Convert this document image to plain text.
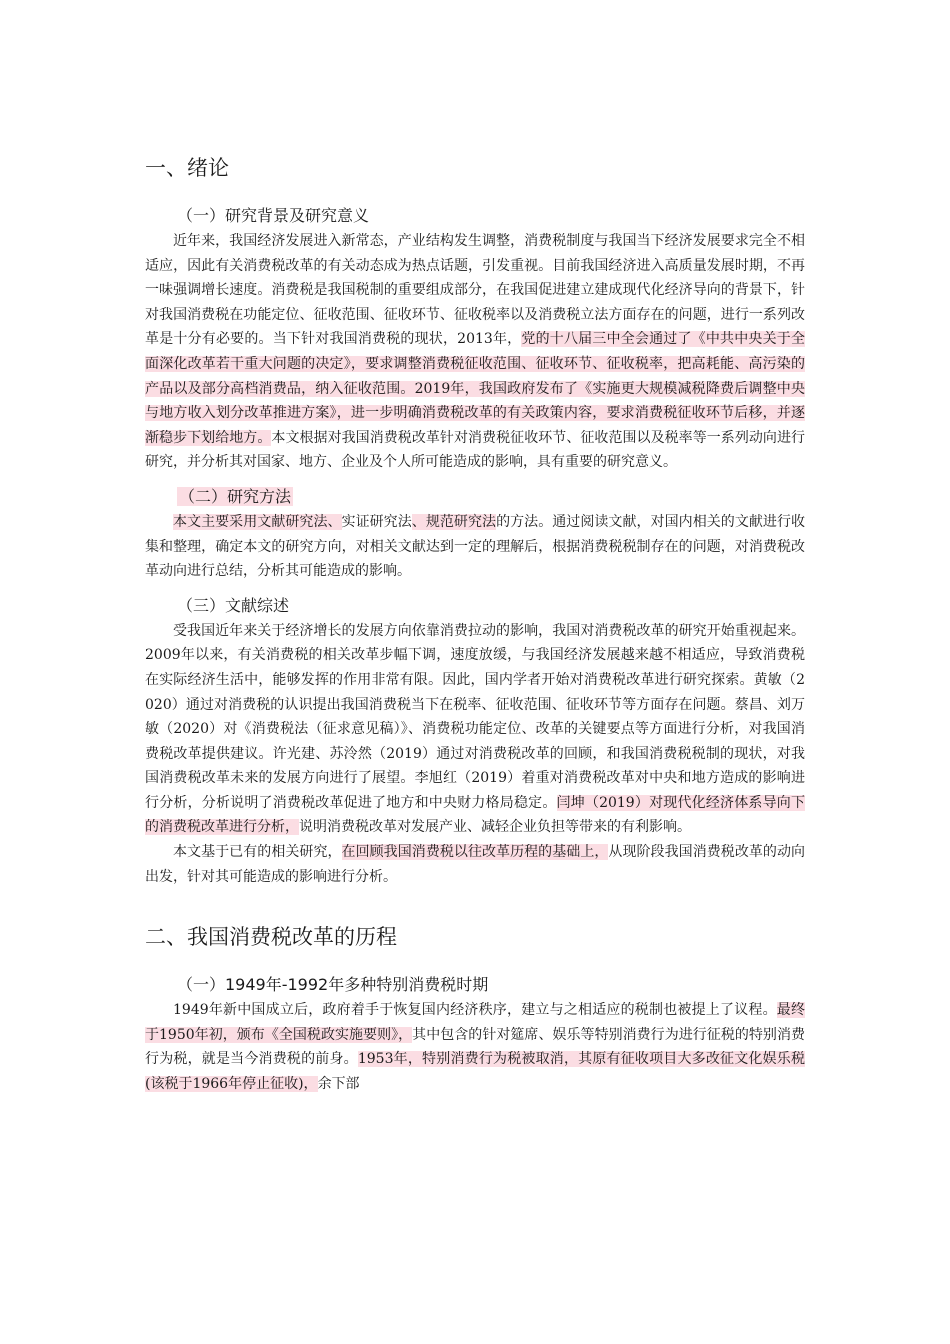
一、绪论
（一）研究背景及研究意义

近年来，我国经济发展进入新常态，产业结构发生调整，消费税制度与我国当下经济发展要求完全不相适应，因此有关消费税改革的有关动态成为热点话题，引发重视。目前我国经济进入高质量发展时期，不再一味强调增长速度。消费税是我国税制的重要组成部分，在我国促进建立建成现代化经济导向的背景下，针对我国消费税在功能定位、征收范围、征收环节、征收税率以及消费税立法方面存在的问题，进行一系列改革是十分有必要的。当下针对我国消费税的现状，2013年，党的十八届三中全会通过了《中共中央关于全面深化改革若干重大问题的决定》，要求调整消费税征收范围、征收环节、征收税率，把高耗能、高污染的产品以及部分高档消费品，纳入征收范围。2019年，我国政府发布了《实施更大规模减税降费后调整中央与地方收入划分改革推进方案》，进一步明确消费税改革的有关政策内容，要求消费税征收环节后移，并逐渐稳步下划给地方。本文根据对我国消费税改革针对消费税征收环节、征收范围以及税率等一系列动向进行研究，并分析其对国家、地方、企业及个人所可能造成的影响，具有重要的研究意义。

（二）研究方法

本文主要采用文献研究法、实证研究法、规范研究法的方法。通过阅读文献，对国内相关的文献进行收集和整理，确定本文的研究方向，对相关文献达到一定的理解后，根据消费税税制存在的问题，对消费税改革动向进行总结，分析其可能造成的影响。

（三）文献综述

受我国近年来关于经济增长的发展方向依靠消费拉动的影响，我国对消费税改革的研究开始重视起来。2009年以来，有关消费税的相关改革步幅下调，速度放缓，与我国经济发展越来越不相适应，导致消费税在实际经济生活中，能够发挥的作用非常有限。因此，国内学者开始对消费税改革进行研究探索。黄敏（2020）通过对消费税的认识提出我国消费税当下在税率、征收范围、征收环节等方面存在问题。蔡昌、刘万敏（2020）对《消费税法（征求意见稿）》、消费税功能定位、改革的关键要点等方面进行分析，对我国消费税改革提供建议。许光建、苏泠然（2019）通过对消费税改革的回顾，和我国消费税税制的现状，对我国消费税改革未来的发展方向进行了展望。李旭红（2019）着重对消费税改革对中央和地方造成的影响进行分析，分析说明了消费税改革促进了地方和中央财力格局稳定。闫坤（2019）对现代化经济体系导向下的消费税改革进行分析，说明消费税改革对发展产业、减轻企业负担等带来的有利影响。

本文基于已有的相关研究，在回顾我国消费税以往改革历程的基础上，从现阶段我国消费税改革的动向出发，针对其可能造成的影响进行分析。

二、我国消费税改革的历程
（一）1949年-1992年多种特别消费税时期

1949年新中国成立后，政府着手于恢复国内经济秩序，建立与之相适应的税制也被提上了议程。最终于1950年初，颁布《全国税政实施要则》，其中包含的针对筵席、娱乐等特别消费行为进行征税的特别消费行为税，就是当今消费税的前身。1953年，特别消费行为税被取消，其原有征收项目大多改征文化娱乐税(该税于1966年停止征收)，余下部
